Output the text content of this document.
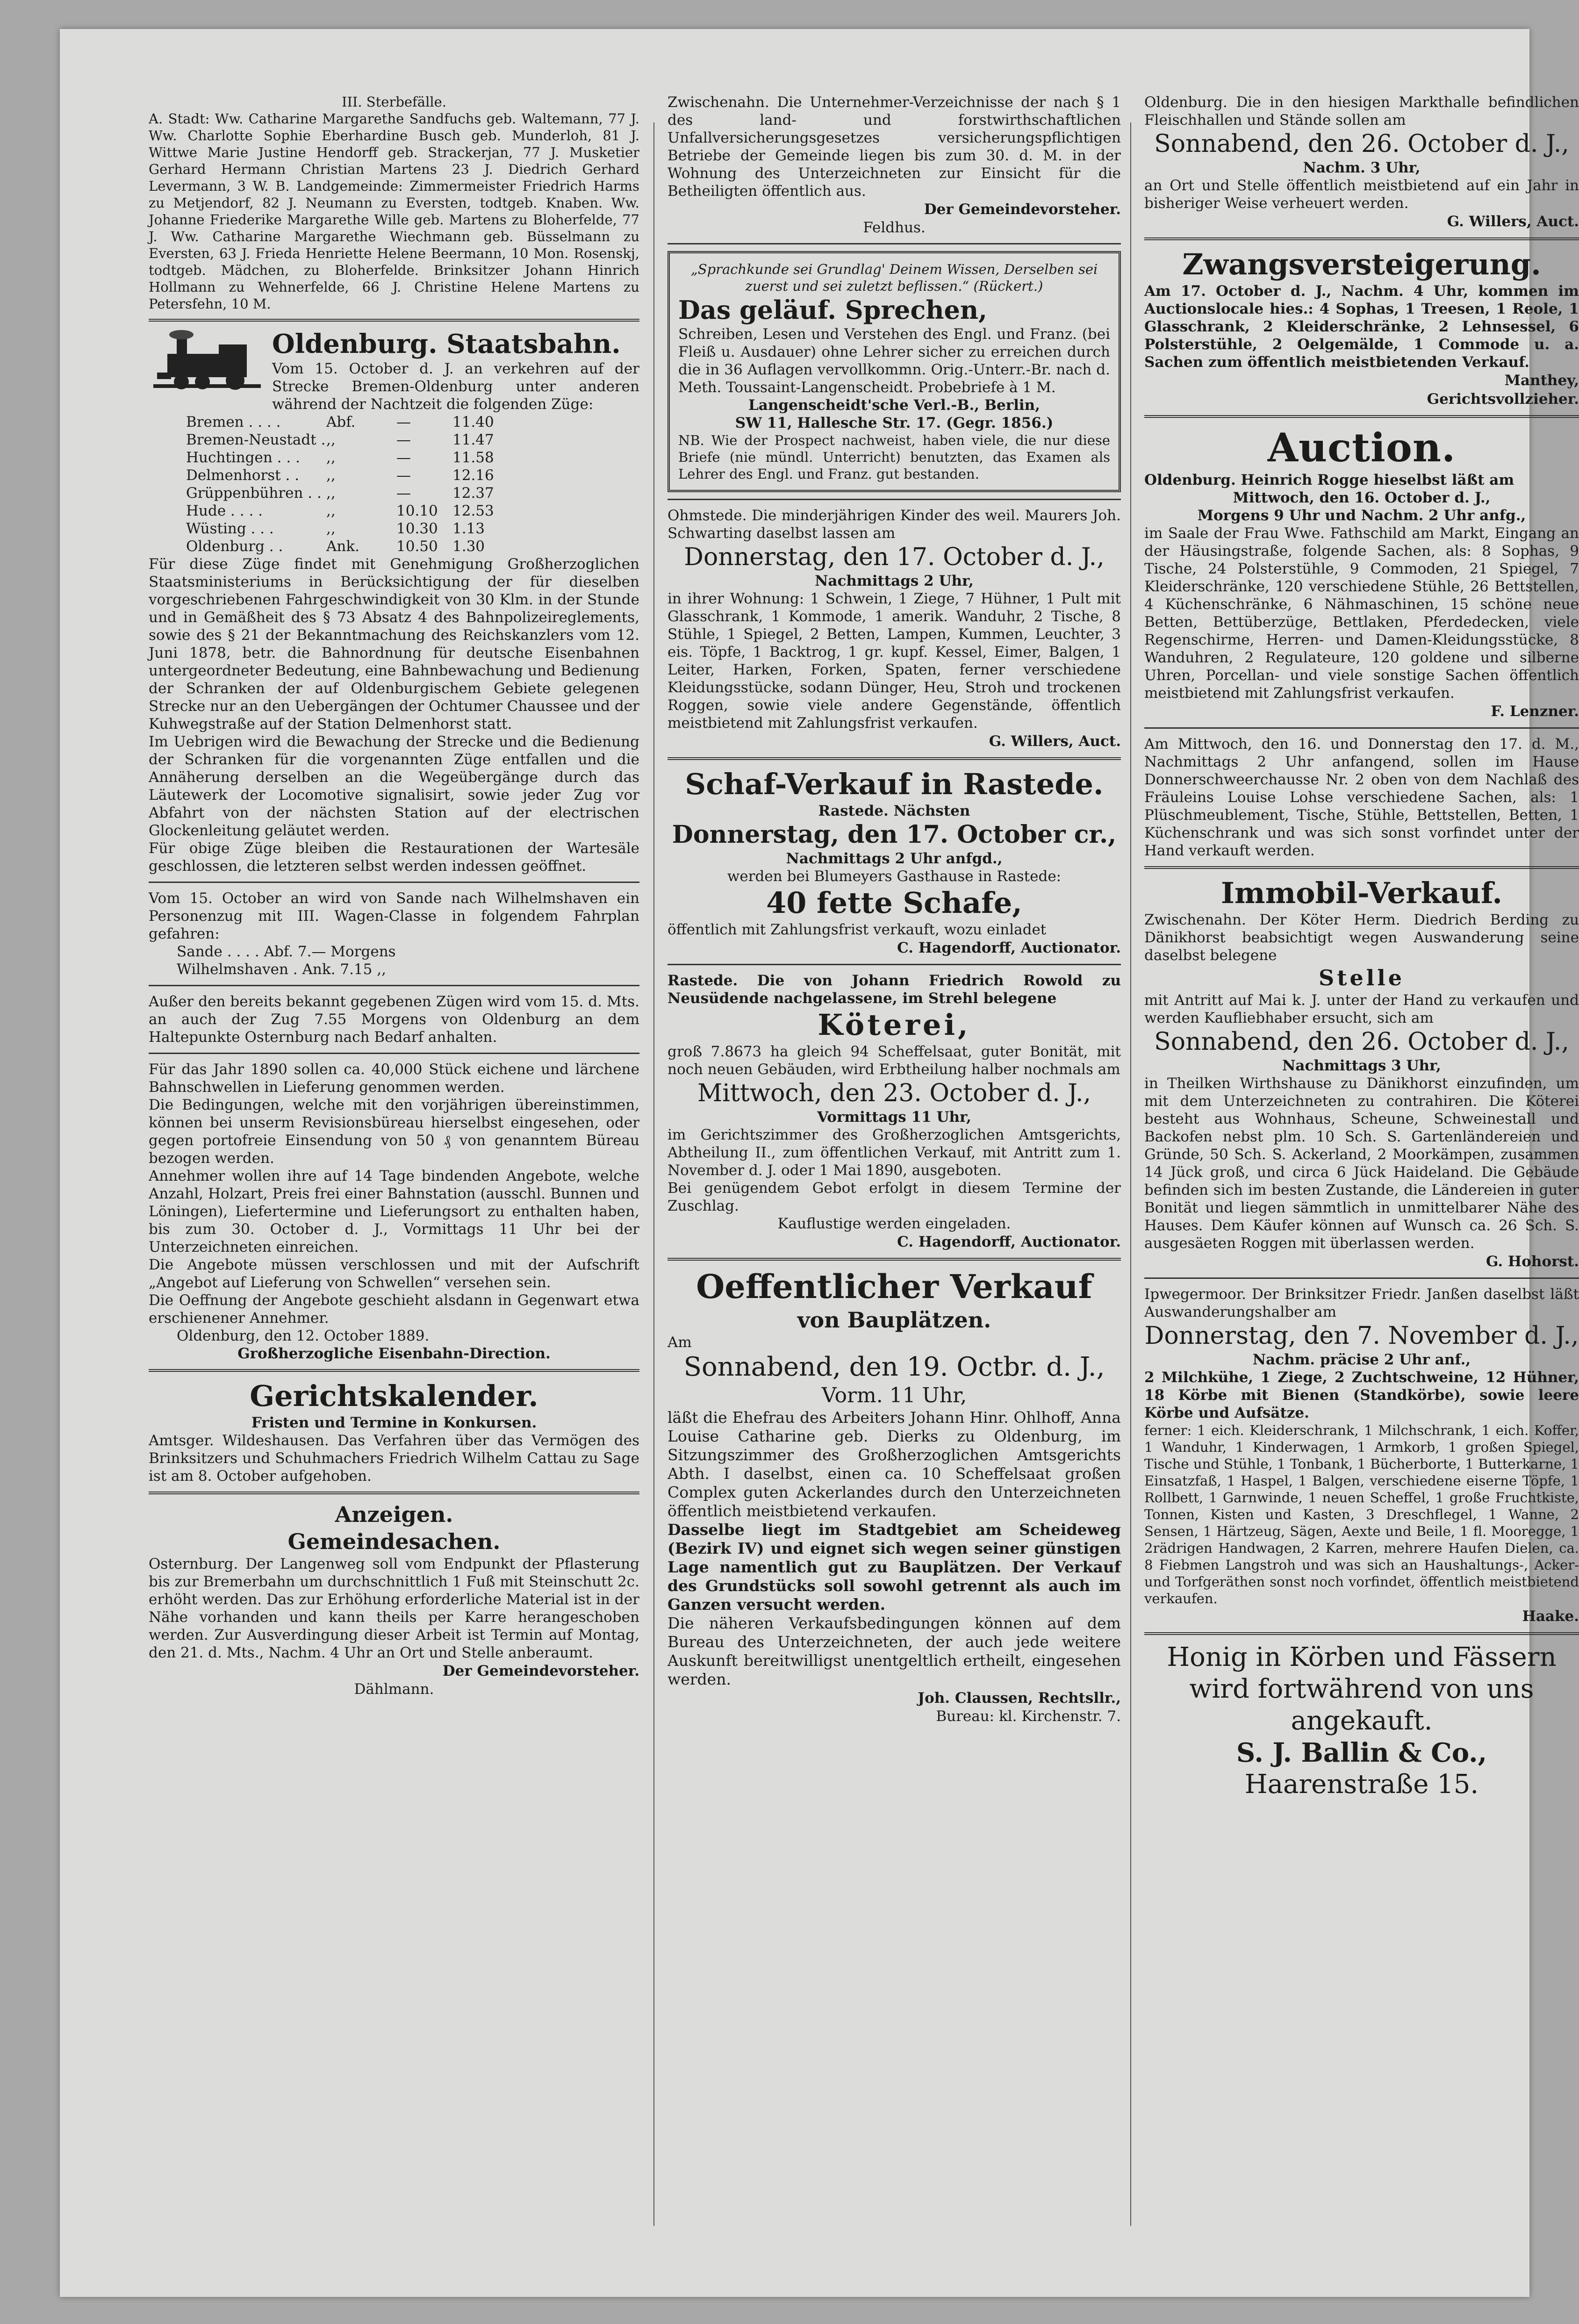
III. Sterbefälle.

A. Stadt: Ww. Catharine Margarethe Sandfuchs geb. Waltemann, 77 J. Ww. Charlotte Sophie Eberhardine Busch geb. Munderloh, 81 J. Wittwe Marie Justine Hendorff geb. Strackerjan, 77 J. Musketier Gerhard Hermann Christian Martens 23 J. Diedrich Gerhard Levermann, 3 W. B. Landgemeinde: Zimmermeister Friedrich Harms zu Metjendorf, 82 J. Neumann zu Eversten, todtgeb. Knaben. Ww. Johanne Friederike Margarethe Wille geb. Martens zu Bloherfelde, 77 J. Ww. Catharine Margarethe Wiechmann geb. Büsselmann zu Eversten, 63 J. Frieda Henriette Helene Beermann, 10 Mon. Rosenskj, todtgeb. Mädchen, zu Bloherfelde. Brinksitzer Johann Hinrich Hollmann zu Wehnerfelde, 66 J. Christine Helene Martens zu Petersfehn, 10 M.

Oldenburg. Staatsbahn.

Vom 15. October d. J. an verkehren auf der Strecke Bremen-Oldenburg unter anderen während der Nachtzeit die folgenden Züge:

Bremen . . . .	Abf.	—	11.40
Bremen-Neustadt . ,,	—	11.47
Huchtingen . . .	,,	—	11.58
Delmenhorst . .	,,	—	12.16
Grüppenbühren . . ,,	—	12.37
Hude . . . .	,,	10.10	12.53
Wüsting . . .	,,	10.30	1.13
Oldenburg . .	Ank.	10.50	1.30

Für diese Züge findet mit Genehmigung Großherzoglichen Staatsministeriums in Berücksichtigung der für dieselben vorgeschriebenen Fahrgeschwindigkeit von 30 Klm. in der Stunde und in Gemäßheit des § 73 Absatz 4 des Bahnpolizeireglements, sowie des § 21 der Bekanntmachung des Reichskanzlers vom 12. Juni 1878, betr. die Bahnordnung für deutsche Eisenbahnen untergeordneter Bedeutung, eine Bahnbewachung und Bedienung der Schranken der auf Oldenburgischem Gebiete gelegenen Strecke nur an den Uebergängen der Ochtumer Chaussee und der Kuhwegstraße auf der Station Delmenhorst statt.

Im Uebrigen wird die Bewachung der Strecke und die Bedienung der Schranken für die vorgenannten Züge entfallen und die Annäherung derselben an die Wegeübergänge durch das Läutewerk der Locomotive signalisirt, sowie jeder Zug vor Abfahrt von der nächsten Station auf der electrischen Glockenleitung geläutet werden.

Für obige Züge bleiben die Restaurationen der Wartesäle geschlossen, die letzteren selbst werden indessen geöffnet.

Vom 15. October an wird von Sande nach Wilhelmshaven ein Personenzug mit III. Wagen-Classe in folgendem Fahrplan gefahren:

Sande . . . . Abf. 7.— Morgens

Wilhelmshaven . Ank. 7.15 ,,

Außer den bereits bekannt gegebenen Zügen wird vom 15. d. Mts. an auch der Zug 7.55 Morgens von Oldenburg an dem Haltepunkte Osternburg nach Bedarf anhalten.

Für das Jahr 1890 sollen ca. 40,000 Stück eichene und lärchene Bahnschwellen in Lieferung genommen werden.

Die Bedingungen, welche mit den vorjährigen übereinstimmen, können bei unserm Revisionsbüreau hierselbst eingesehen, oder gegen portofreie Einsendung von 50 ₰ von genanntem Büreau bezogen werden.

Annehmer wollen ihre auf 14 Tage bindenden Angebote, welche Anzahl, Holzart, Preis frei einer Bahnstation (ausschl. Bunnen und Löningen), Liefertermine und Lieferungsort zu enthalten haben, bis zum 30. October d. J., Vormittags 11 Uhr bei der Unterzeichneten einreichen.

Die Angebote müssen verschlossen und mit der Aufschrift „Angebot auf Lieferung von Schwellen“ versehen sein.

Die Oeffnung der Angebote geschieht alsdann in Gegenwart etwa erschienener Annehmer.

Oldenburg, den 12. October 1889.

Großherzogliche Eisenbahn-Direction.

Gerichtskalender.

Fristen und Termine in Konkursen.

Amtsger. Wildeshausen. Das Verfahren über das Vermögen des Brinksitzers und Schuhmachers Friedrich Wilhelm Cattau zu Sage ist am 8. October aufgehoben.

Anzeigen.

Gemeindesachen.

Osternburg. Der Langenweg soll vom Endpunkt der Pflasterung bis zur Bremerbahn um durchschnittlich 1 Fuß mit Steinschutt 2c. erhöht werden. Das zur Erhöhung erforderliche Material ist in der Nähe vorhanden und kann theils per Karre herangeschoben werden. Zur Ausverdingung dieser Arbeit ist Termin auf Montag, den 21. d. Mts., Nachm. 4 Uhr an Ort und Stelle anberaumt.

Der Gemeindevorsteher.

Dählmann.

Zwischenahn. Die Unternehmer-Verzeichnisse der nach § 1 des land- und forstwirthschaftlichen Unfallversicherungsgesetzes versicherungspflichtigen Betriebe der Gemeinde liegen bis zum 30. d. M. in der Wohnung des Unterzeichneten zur Einsicht für die Betheiligten öffentlich aus.

Der Gemeindevorsteher.

Feldhus.

„Sprachkunde sei Grundlag' Deinem Wissen, Derselben sei zuerst und sei zuletzt beflissen.“ (Rückert.)

Das geläuf. Sprechen,

Schreiben, Lesen und Verstehen des Engl. und Franz. (bei Fleiß u. Ausdauer) ohne Lehrer sicher zu erreichen durch die in 36 Auflagen vervollkommn. Orig.-Unterr.-Br. nach d. Meth. Toussaint-Langenscheidt. Probebriefe à 1 M.

Langenscheidt'sche Verl.-B., Berlin,

SW 11, Hallesche Str. 17. (Gegr. 1856.)

NB. Wie der Prospect nachweist, haben viele, die nur diese Briefe (nie mündl. Unterricht) benutzten, das Examen als Lehrer des Engl. und Franz. gut bestanden.

Ohmstede. Die minderjährigen Kinder des weil. Maurers Joh. Schwarting daselbst lassen am

Donnerstag, den 17. October d. J.,

Nachmittags 2 Uhr,

in ihrer Wohnung: 1 Schwein, 1 Ziege, 7 Hühner, 1 Pult mit Glasschrank, 1 Kommode, 1 amerik. Wanduhr, 2 Tische, 8 Stühle, 1 Spiegel, 2 Betten, Lampen, Kummen, Leuchter, 3 eis. Töpfe, 1 Backtrog, 1 gr. kupf. Kessel, Eimer, Balgen, 1 Leiter, Harken, Forken, Spaten, ferner verschiedene Kleidungsstücke, sodann Dünger, Heu, Stroh und trockenen Roggen, sowie viele andere Gegenstände, öffentlich meistbietend mit Zahlungsfrist verkaufen.

G. Willers, Auct.

Schaf-Verkauf in Rastede.

Rastede. Nächsten

Donnerstag, den 17. October cr.,

Nachmittags 2 Uhr anfgd.,

werden bei Blumeyers Gasthause in Rastede:

40 fette Schafe,

öffentlich mit Zahlungsfrist verkauft, wozu einladet

C. Hagendorff, Auctionator.

Rastede. Die von Johann Friedrich Rowold zu Neusüdende nachgelassene, im Strehl belegene

Köterei,

groß 7.8673 ha gleich 94 Scheffelsaat, guter Bonität, mit noch neuen Gebäuden, wird Erbtheilung halber nochmals am

Mittwoch, den 23. October d. J.,

Vormittags 11 Uhr,

im Gerichtszimmer des Großherzoglichen Amtsgerichts, Abtheilung II., zum öffentlichen Verkauf, mit Antritt zum 1. November d. J. oder 1 Mai 1890, ausgeboten.

Bei genügendem Gebot erfolgt in diesem Termine der Zuschlag.

Kauflustige werden eingeladen.

C. Hagendorff, Auctionator.

Oeffentlicher Verkauf

von Bauplätzen.

Am

Sonnabend, den 19. Octbr. d. J.,

Vorm. 11 Uhr,

läßt die Ehefrau des Arbeiters Johann Hinr. Ohlhoff, Anna Louise Catharine geb. Dierks zu Oldenburg, im Sitzungszimmer des Großherzoglichen Amtsgerichts Abth. I daselbst, einen ca. 10 Scheffelsaat großen Complex guten Ackerlandes durch den Unterzeichneten öffentlich meistbietend verkaufen.

Dasselbe liegt im Stadtgebiet am Scheideweg (Bezirk IV) und eignet sich wegen seiner günstigen Lage namentlich gut zu Bauplätzen. Der Verkauf des Grundstücks soll sowohl getrennt als auch im Ganzen versucht werden.

Die näheren Verkaufsbedingungen können auf dem Bureau des Unterzeichneten, der auch jede weitere Auskunft bereitwilligst unentgeltlich ertheilt, eingesehen werden.

Joh. Claussen, Rechtsllr.,

Bureau: kl. Kirchenstr. 7.

Oldenburg. Die in den hiesigen Markthalle befindlichen Fleischhallen und Stände sollen am

Sonnabend, den 26. October d. J.,

Nachm. 3 Uhr,

an Ort und Stelle öffentlich meistbietend auf ein Jahr in bisheriger Weise verheuert werden.

G. Willers, Auct.

Zwangsversteigerung.

Am 17. October d. J., Nachm. 4 Uhr, kommen im Auctionslocale hies.: 4 Sophas, 1 Treesen, 1 Reole, 1 Glasschrank, 2 Kleiderschränke, 2 Lehnsessel, 6 Polsterstühle, 2 Oelgemälde, 1 Commode u. a. Sachen zum öffentlich meistbietenden Verkauf.

Manthey,

Gerichtsvollzieher.

Auction.

Oldenburg. Heinrich Rogge hieselbst läßt am

Mittwoch, den 16. October d. J.,

Morgens 9 Uhr und Nachm. 2 Uhr anfg.,

im Saale der Frau Wwe. Fathschild am Markt, Eingang an der Häusingstraße, folgende Sachen, als: 8 Sophas, 9 Tische, 24 Polsterstühle, 9 Commoden, 21 Spiegel, 7 Kleiderschränke, 120 verschiedene Stühle, 26 Bettstellen, 4 Küchenschränke, 6 Nähmaschinen, 15 schöne neue Betten, Bettüberzüge, Bettlaken, Pferdedecken, viele Regenschirme, Herren- und Damen-Kleidungsstücke, 8 Wanduhren, 2 Regulateure, 120 goldene und silberne Uhren, Porcellan- und viele sonstige Sachen öffentlich meistbietend mit Zahlungsfrist verkaufen.

F. Lenzner.

Am Mittwoch, den 16. und Donnerstag den 17. d. M., Nachmittags 2 Uhr anfangend, sollen im Hause Donnerschweerchausse Nr. 2 oben von dem Nachlaß des Fräuleins Louise Lohse verschiedene Sachen, als: 1 Plüschmeublement, Tische, Stühle, Bettstellen, Betten, 1 Küchenschrank und was sich sonst vorfindet unter der Hand verkauft werden.

Immobil-Verkauf.

Zwischenahn. Der Köter Herm. Diedrich Berding zu Dänikhorst beabsichtigt wegen Auswanderung seine daselbst belegene

Stelle

mit Antritt auf Mai k. J. unter der Hand zu verkaufen und werden Kaufliebhaber ersucht, sich am

Sonnabend, den 26. October d. J.,

Nachmittags 3 Uhr,

in Theilken Wirthshause zu Dänikhorst einzufinden, um mit dem Unterzeichneten zu contrahiren. Die Köterei besteht aus Wohnhaus, Scheune, Schweinestall und Backofen nebst plm. 10 Sch. S. Gartenländereien und Gründe, 50 Sch. S. Ackerland, 2 Moorkämpen, zusammen 14 Jück groß, und circa 6 Jück Haideland. Die Gebäude befinden sich im besten Zustande, die Ländereien in guter Bonität und liegen sämmtlich in unmittelbarer Nähe des Hauses. Dem Käufer können auf Wunsch ca. 26 Sch. S. ausgesäeten Roggen mit überlassen werden.

G. Hohorst.

Ipwegermoor. Der Brinksitzer Friedr. Janßen daselbst läßt Auswanderungshalber am

Donnerstag, den 7. November d. J.,

Nachm. präcise 2 Uhr anf.,

2 Milchkühe, 1 Ziege, 2 Zuchtschweine, 12 Hühner, 18 Körbe mit Bienen (Standkörbe), sowie leere Körbe und Aufsätze.

ferner: 1 eich. Kleiderschrank, 1 Milchschrank, 1 eich. Koffer, 1 Wanduhr, 1 Kinderwagen, 1 Armkorb, 1 großen Spiegel, Tische und Stühle, 1 Tonbank, 1 Bücherborte, 1 Butterkarne, 1 Einsatzfaß, 1 Haspel, 1 Balgen, verschiedene eiserne Töpfe, 1 Rollbett, 1 Garnwinde, 1 neuen Scheffel, 1 große Fruchtkiste, Tonnen, Kisten und Kasten, 3 Dreschflegel, 1 Wanne, 2 Sensen, 1 Härtzeug, Sägen, Aexte und Beile, 1 fl. Mooregge, 1 2rädrigen Handwagen, 2 Karren, mehrere Haufen Dielen, ca. 8 Fiebmen Langstroh und was sich an Haushaltungs-, Acker- und Torfgeräthen sonst noch vorfindet, öffentlich meistbietend verkaufen.

Haake.

Honig in Körben und Fässern

wird fortwährend von uns angekauft.

S. J. Ballin & Co.,

Haarenstraße 15.
